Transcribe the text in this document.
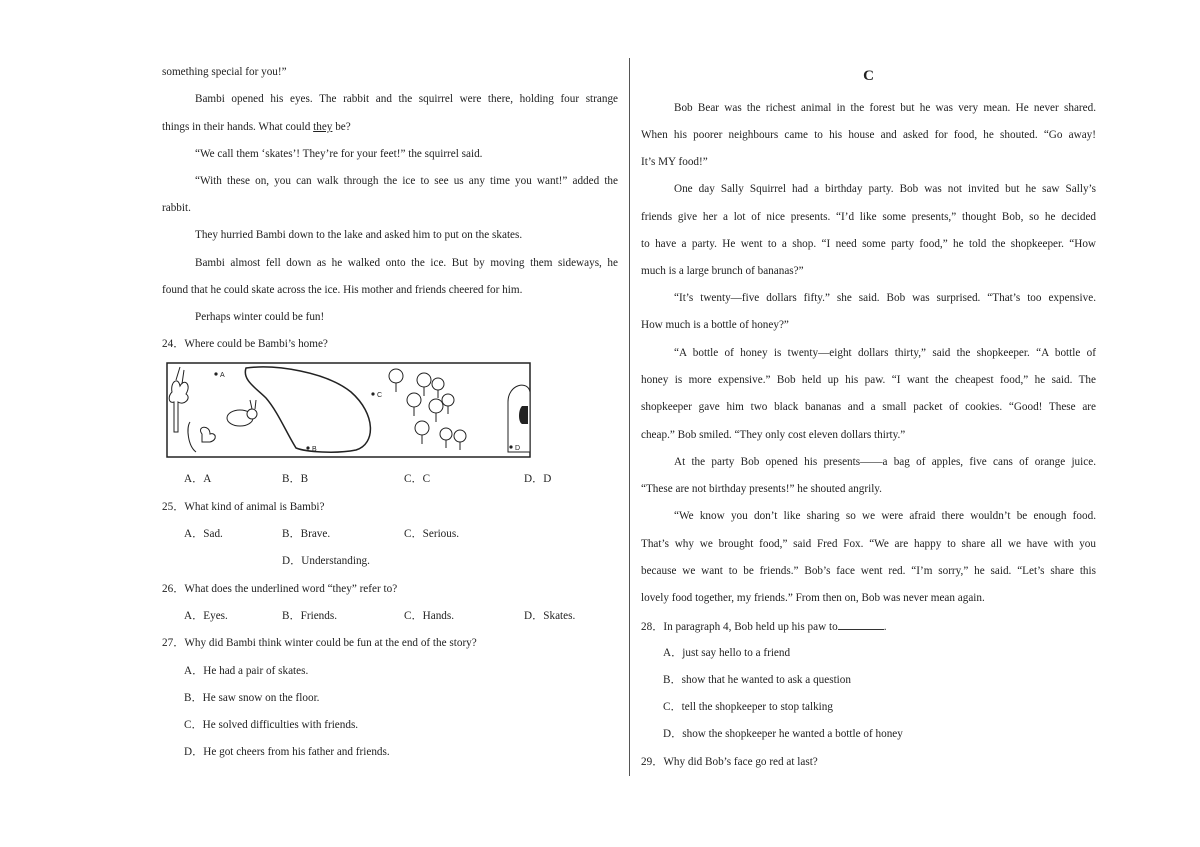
something special for you!”
Bambi opened his eyes. The rabbit and the squirrel were there, holding four strange
things in their hands. What could they be?
“We call them ‘skates’! They’re for your feet!” the squirrel said.
“With these on, you can walk through the ice to see us any time you want!” added the
rabbit.
They hurried Bambi down to the lake and asked him to put on the skates.
Bambi almost fell down as he walked onto the ice. But by moving them sideways, he
found that he could skate across the ice. His mother and friends cheered for him.
Perhaps winter could be fun!
24．Where could be Bambi’s home?
A
C
B	D
A．A	B．B	C．C	D．D
25．What kind of animal is Bambi?
A．Sad.	B．Brave.	C．Serious.
D．Understanding.
26．What does the underlined word “they” refer to?
A．Eyes.	B．Friends.	C．Hands.	D．Skates.
27．Why did Bambi think winter could be fun at the end of the story?
A．He had a pair of skates.
B．He saw snow on the floor.
C．He solved difficulties with friends.
D．He got cheers from his father and friends.
C
Bob Bear was the richest animal in the forest but he was very mean. He never shared.
When his poorer neighbours came to his house and asked for food, he shouted. “Go away!
It’s MY food!”
One day Sally Squirrel had a birthday party. Bob was not invited but he saw Sally’s
friends give her a lot of nice presents. “I’d like some presents,” thought Bob, so he decided
to have a party. He went to a shop. “I need some party food,” he told the shopkeeper. “How
much is a large brunch of bananas?”
“It’s twenty—five dollars fifty.” she said. Bob was surprised. “That’s too expensive.
How much is a bottle of honey?”
“A bottle of honey is twenty—eight dollars thirty,” said the shopkeeper. “A bottle of
honey is more expensive.” Bob held up his paw. “I want the cheapest food,” he said. The
shopkeeper gave him two black bananas and a small packet of cookies. “Good! These are
cheap.” Bob smiled. “They only cost eleven dollars thirty.”
At the party Bob opened his presents——a bag of apples, five cans of orange juice.
“These are not birthday presents!” he shouted angrily.
“We know you don’t like sharing so we were afraid there wouldn’t be enough food.
That’s why we brought food,” said Fred Fox. “We are happy to share all we have with you
because we want to be friends.” Bob’s face went red. “I’m sorry,” he said. “Let’s share this
lovely food together, my friends.” From then on, Bob was never mean again.
28．In paragraph 4, Bob held up his paw to	.
A．just say hello to a friend
B．show that he wanted to ask a question
C．tell the shopkeeper to stop talking
D．show the shopkeeper he wanted a bottle of honey
29．Why did Bob’s face go red at last?
